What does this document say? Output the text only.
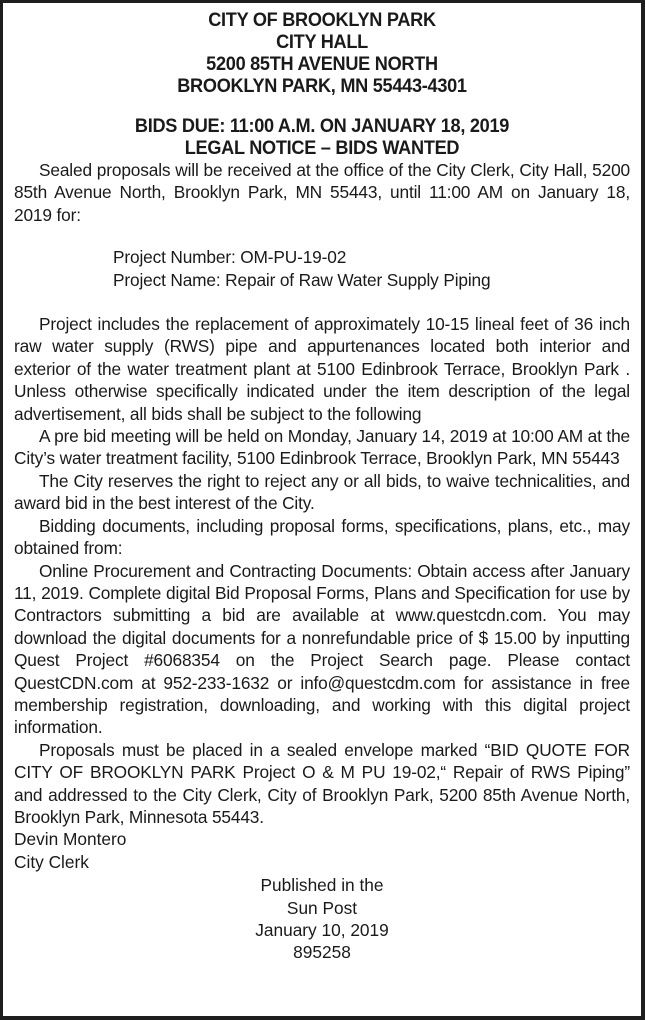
CITY OF BROOKLYN PARK
CITY HALL
5200 85TH AVENUE NORTH
BROOKLYN PARK, MN 55443-4301
BIDS DUE: 11:00 A.M. ON JANUARY 18, 2019
LEGAL NOTICE – BIDS WANTED

Sealed proposals will be received at the office of the City Clerk, City Hall, 5200 85th Avenue North, Brooklyn Park, MN 55443, until 11:00 AM on January 18, 2019 for:

Project Number: OM-PU-19-02
Project Name: Repair of Raw Water Supply Piping

Project includes the replacement of approximately 10-15 lineal feet of 36 inch raw water supply (RWS) pipe and appurtenances located both interior and exterior of the water treatment plant at 5100 Edinbrook Terrace, Brooklyn Park . Unless otherwise specifically indicated under the item description of the legal advertisement, all bids shall be subject to the following

A pre bid meeting will be held on Monday, January 14, 2019 at 10:00 AM at the City’s water treatment facility, 5100 Edinbrook Terrace, Brooklyn Park, MN 55443

The City reserves the right to reject any or all bids, to waive technicalities, and award bid in the best interest of the City.

Bidding documents, including proposal forms, specifications, plans, etc., may obtained from:

Online Procurement and Contracting Documents: Obtain access after January 11, 2019. Complete digital Bid Proposal Forms, Plans and Specification for use by Contractors submitting a bid are available at www.questcdn.com. You may download the digital documents for a nonrefundable price of $ 15.00 by inputting Quest Project #6068354 on the Project Search page. Please contact QuestCDN.com at 952-233-1632 or info@questcdm.com for assistance in free membership registration, downloading, and working with this digital project information.

Proposals must be placed in a sealed envelope marked “BID QUOTE FOR CITY OF BROOKLYN PARK Project O & M PU 19-02,“ Repair of RWS Piping” and addressed to the City Clerk, City of Brooklyn Park, 5200 85th Avenue North, Brooklyn Park, Minnesota 55443.

Devin Montero
City Clerk
Published in the
Sun Post
January 10, 2019
895258
